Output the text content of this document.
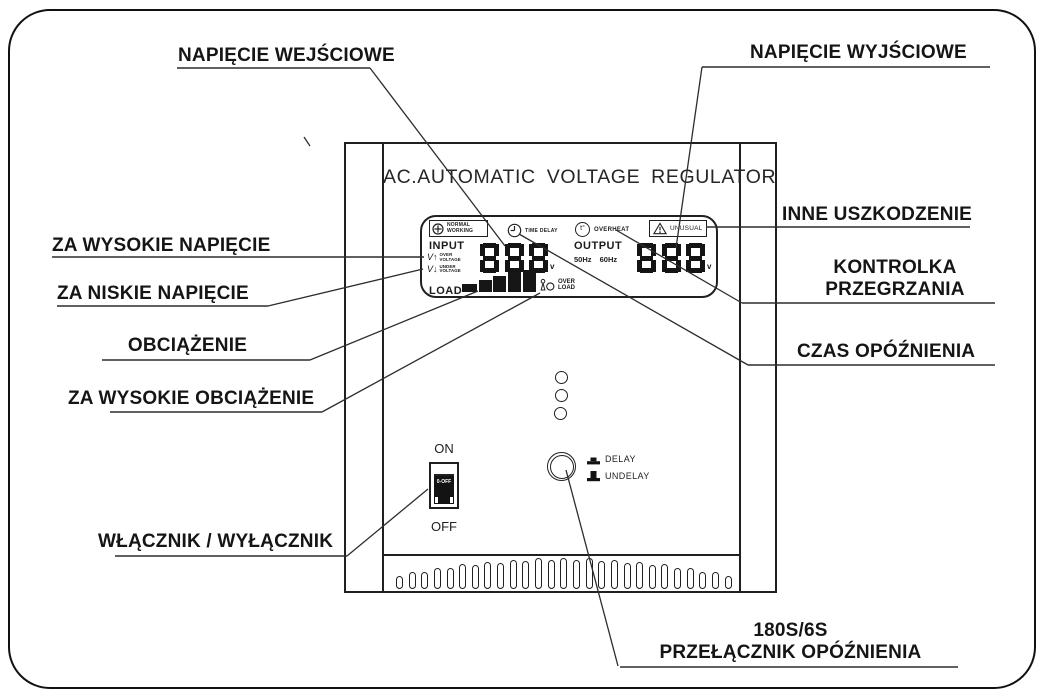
AC.AUTOMATIC VOLTAGE REGULATOR
NORMAL
WORKING	TIME DELAY	t°	OVERHEAT	UNUSUAL
INPUT
V↑ OVER
VOLTAGE
V↓ UNDER
VOLTAGE	v
OUTPUT
50Hz 60Hz
v
LOAD
OVER
LOAD
ON
0-OFF
OFF
DELAY
UNDELAY
NAPIĘCIE WEJŚCIOWE	NAPIĘCIE WYJŚCIOWE
INNE USZKODZENIE
KONTROLKA
PRZEGRZANIA
CZAS OPÓŹNIENIA
ZA WYSOKIE NAPIĘCIE
ZA NISKIE NAPIĘCIE
OBCIĄŻENIE
ZA WYSOKIE OBCIĄŻENIE
WŁĄCZNIK / WYŁĄCZNIK
180S/6S
PRZEŁĄCZNIK OPÓŹNIENIA
